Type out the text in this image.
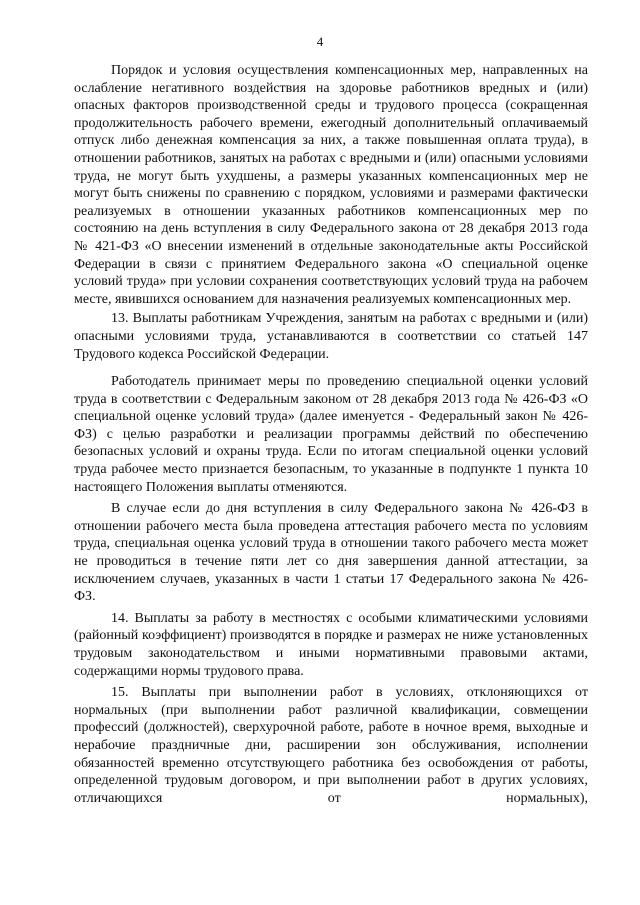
4

Порядок и условия осуществления компенсационных мер, направленных на ослабление негативного воздействия на здоровье работников вредных и (или) опасных факторов производственной среды и трудового процесса (сокращенная продолжительность рабочего времени, ежегодный дополнительный оплачиваемый отпуск либо денежная компенсация за них, а также повышенная оплата труда), в отношении работников, занятых на работах с вредными и (или) опасными условиями труда, не могут быть ухудшены, а размеры указанных компенсационных мер не могут быть снижены по сравнению с порядком, условиями и размерами фактически реализуемых в отношении указанных работников компенсационных мер по состоянию на день вступления в силу Федерального закона от 28 декабря 2013 года № 421-ФЗ «О внесении изменений в отдельные законодательные акты Российской Федерации в связи с принятием Федерального закона «О специальной оценке условий труда» при условии сохранения соответствующих условий труда на рабочем месте, явившихся основанием для назначения реализуемых компенсационных мер.

13. Выплаты работникам Учреждения, занятым на работах с вредными и (или) опасными условиями труда, устанавливаются в соответствии со статьей 147 Трудового кодекса Российской Федерации.

Работодатель принимает меры по проведению специальной оценки условий труда в соответствии с Федеральным законом от 28 декабря 2013 года № 426-ФЗ «О специальной оценке условий труда» (далее именуется - Федеральный закон № 426-ФЗ) с целью разработки и реализации программы действий по обеспечению безопасных условий и охраны труда. Если по итогам специальной оценки условий труда рабочее место признается безопасным, то указанные в подпункте 1 пункта 10 настоящего Положения выплаты отменяются.

В случае если до дня вступления в силу Федерального закона № 426-ФЗ в отношении рабочего места была проведена аттестация рабочего места по условиям труда, специальная оценка условий труда в отношении такого рабочего места может не проводиться в течение пяти лет со дня завершения данной аттестации, за исключением случаев, указанных в части 1 статьи 17 Федерального закона № 426-ФЗ.

14. Выплаты за работу в местностях с особыми климатическими условиями (районный коэффициент) производятся в порядке и размерах не ниже установленных трудовым законодательством и иными нормативными правовыми актами, содержащими нормы трудового права.

15. Выплаты при выполнении работ в условиях, отклоняющихся от нормальных (при выполнении работ различной квалификации, совмещении профессий (должностей), сверхурочной работе, работе в ночное время, выходные и нерабочие праздничные дни, расширении зон обслуживания, исполнении обязанностей временно отсутствующего работника без освобождения от работы, определенной трудовым договором, и при выполнении работ в других условиях, отличающихся от нормальных),
